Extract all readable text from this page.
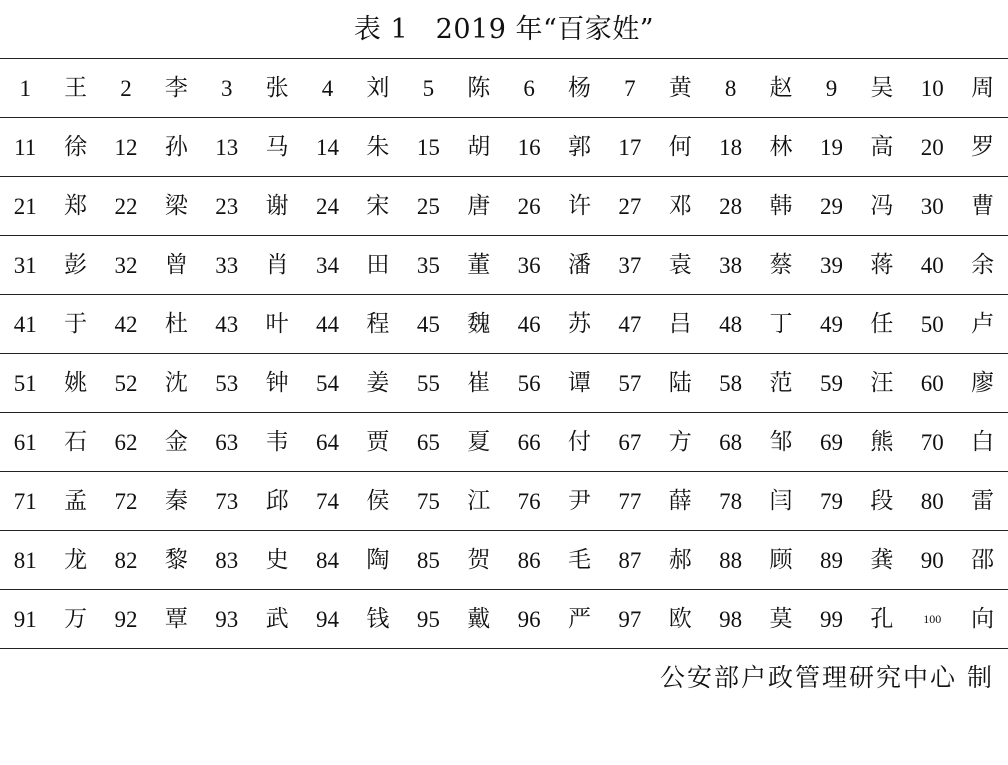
表 1　2019 年“百家姓”
1	王	2	李	3	张	4	刘	5	陈	6	杨	7	黄	8	赵	9	吴	10	周
11	徐	12	孙	13	马	14	朱	15	胡	16	郭	17	何	18	林	19	高	20	罗
21	郑	22	梁	23	谢	24	宋	25	唐	26	许	27	邓	28	韩	29	冯	30	曹
31	彭	32	曾	33	肖	34	田	35	董	36	潘	37	袁	38	蔡	39	蒋	40	余
41	于	42	杜	43	叶	44	程	45	魏	46	苏	47	吕	48	丁	49	任	50	卢
51	姚	52	沈	53	钟	54	姜	55	崔	56	谭	57	陆	58	范	59	汪	60	廖
61	石	62	金	63	韦	64	贾	65	夏	66	付	67	方	68	邹	69	熊	70	白
71	孟	72	秦	73	邱	74	侯	75	江	76	尹	77	薛	78	闫	79	段	80	雷
81	龙	82	黎	83	史	84	陶	85	贺	86	毛	87	郝	88	顾	89	龚	90	邵
91	万	92	覃	93	武	94	钱	95	戴	96	严	97	欧	98	莫	99	孔	100	向
公安部户政管理研究中心 制
